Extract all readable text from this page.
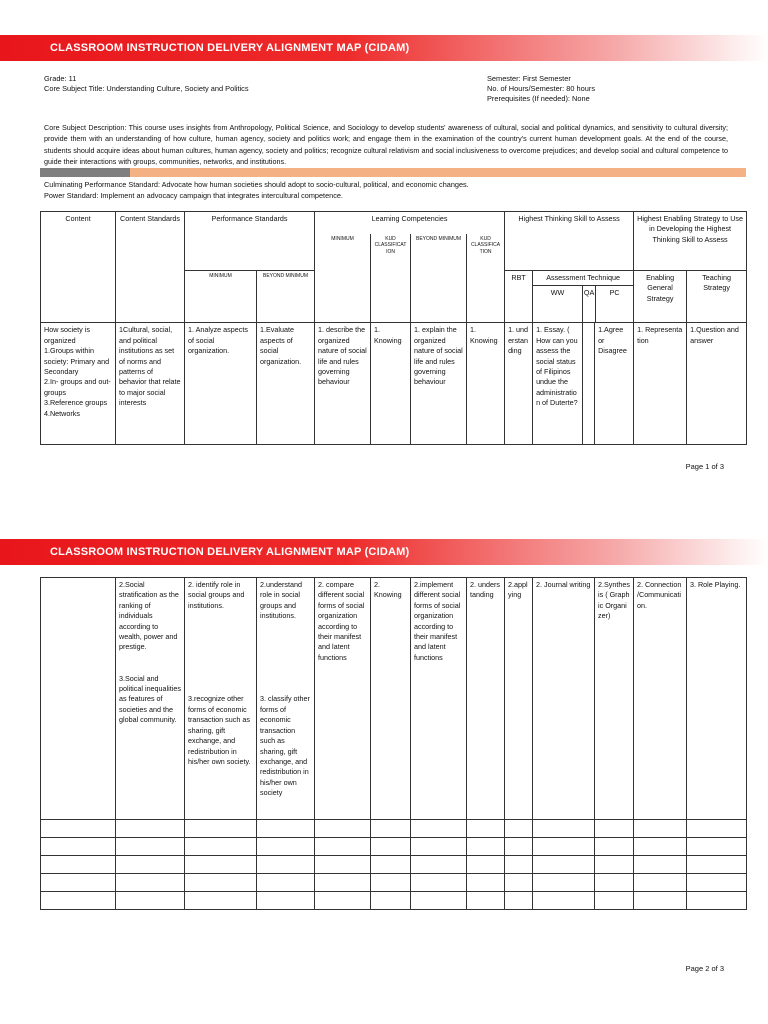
CLASSROOM INSTRUCTION DELIVERY ALIGNMENT MAP (CIDAM)
Grade: 11
Core Subject Title: Understanding Culture, Society and Politics
Semester: First Semester
No. of Hours/Semester: 80 hours
Prerequisites (If needed): None
Core Subject Description: This course uses insights from Anthropology, Political Science, and Sociology to develop students' awareness of cultural, social and political dynamics, and sensitivity to cultural diversity; provide them with an understanding of how culture, human agency, society and politics work; and engage them in the examination of the country's current human development goals. At the end of the course, students should acquire ideas about human cultures, human agency, society and politics; recognize cultural relativism and social inclusiveness to overcome prejudices; and develop social and cultural competence to guide their interactions with groups, communities, networks, and institutions.
Culminating Performance Standard: Advocate how human societies should adopt to socio-cultural, political, and economic changes.
Power Standard: Implement an advocacy campaign that integrates intercultural competence.
Content	Content Standards	Performance Standards		Learning Competencies				Highest Thinking Skill to Assess				Highest Enabling Strategy to Use in Developing the Highest Thinking Skill to Assess	
				MINIMUM	KUD CLASSIFICATION	BEYOND MINIMUM	KUD CLASSIFICATION						
		MINIMUM	BEYOND MINIMUM					RBT	Assessment Technique
WW QA PC			Enabling General Strategy	Teaching Strategy
How society is organized
1.Groups within society: Primary and Secondary
2.In- groups and out- groups
3.Reference groups
4.Networks	1Cultural, social, and political institutions as set of norms and patterns of behavior that relate to major social interests	1. Analyze aspects of social organization.	1.Evaluate aspects of social organization.	1. describe the organized nature of social life and rules governing behaviour	1. Knowing	1. explain the organized nature of social life and rules governing behaviour	1. Knowing	1. understanding	1. Essay. ( How can you assess the social status of Filipinos undue the administration of Duterte?		1.Agree or Disagree	1. Representation	1.Question and answer
Page 1 of 3
CLASSROOM INSTRUCTION DELIVERY ALIGNMENT MAP (CIDAM)
	2.Social stratification as the ranking of individuals according to wealth, power and prestige.

3.Social and political inequalities as features of societies and the global community.	2. identify role in social groups and institutions.

3.recognize other forms of economic transaction such as sharing, gift exchange, and redistribution in his/her own society.	2.understand role in social groups and institutions.

3. classify other forms of economic transaction such as sharing, gift exchange, and redistribution in his/her own society	2. compare different social forms of social organization according to their manifest and latent functions	2. Knowing	2.implement different social forms of social organization according to their manifest and latent functions	2. understanding	2.applying	2. Journal writing	2.Synthesis ( Graphic Organizer)	2. Connection /Communication.	3. Role Playing.

Page 2 of 3
